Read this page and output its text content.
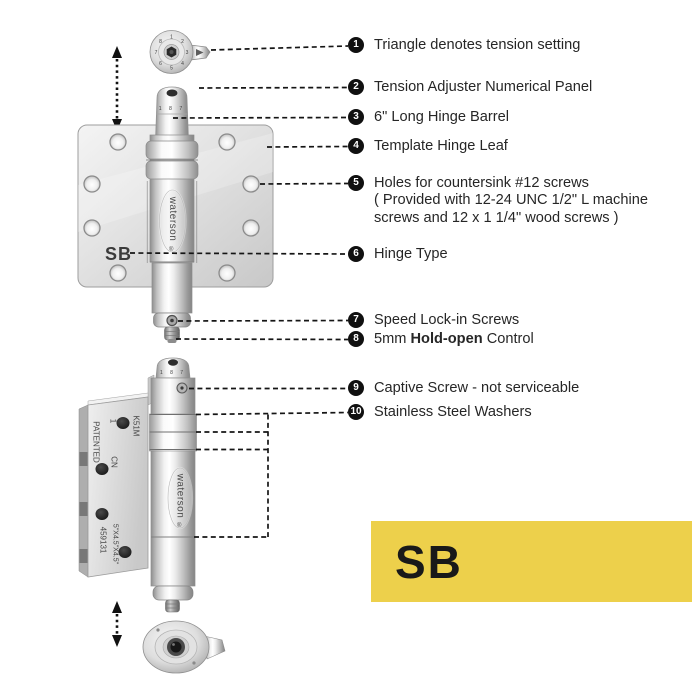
SB
1 8 7
waterson
®
1
2
3
4
5
6
7
8
1 K51M
PATENTED CN
459131 5"X4.5"X4.5"
1 8 7
waterson
®
1	Triangle denotes tension setting
2	Tension Adjuster Numerical Panel
3	6" Long Hinge Barrel
4	Template Hinge Leaf
5	Holes for countersink #12 screws
( Provided with 12-24 UNC 1/2" L machine
screws and 12 x 1 1/4" wood screws )
6	Hinge Type
7	Speed Lock-in Screws
8	5mm Hold-open Control
9	Captive Screw - not serviceable
10 Stainless Steel Washers
SB
